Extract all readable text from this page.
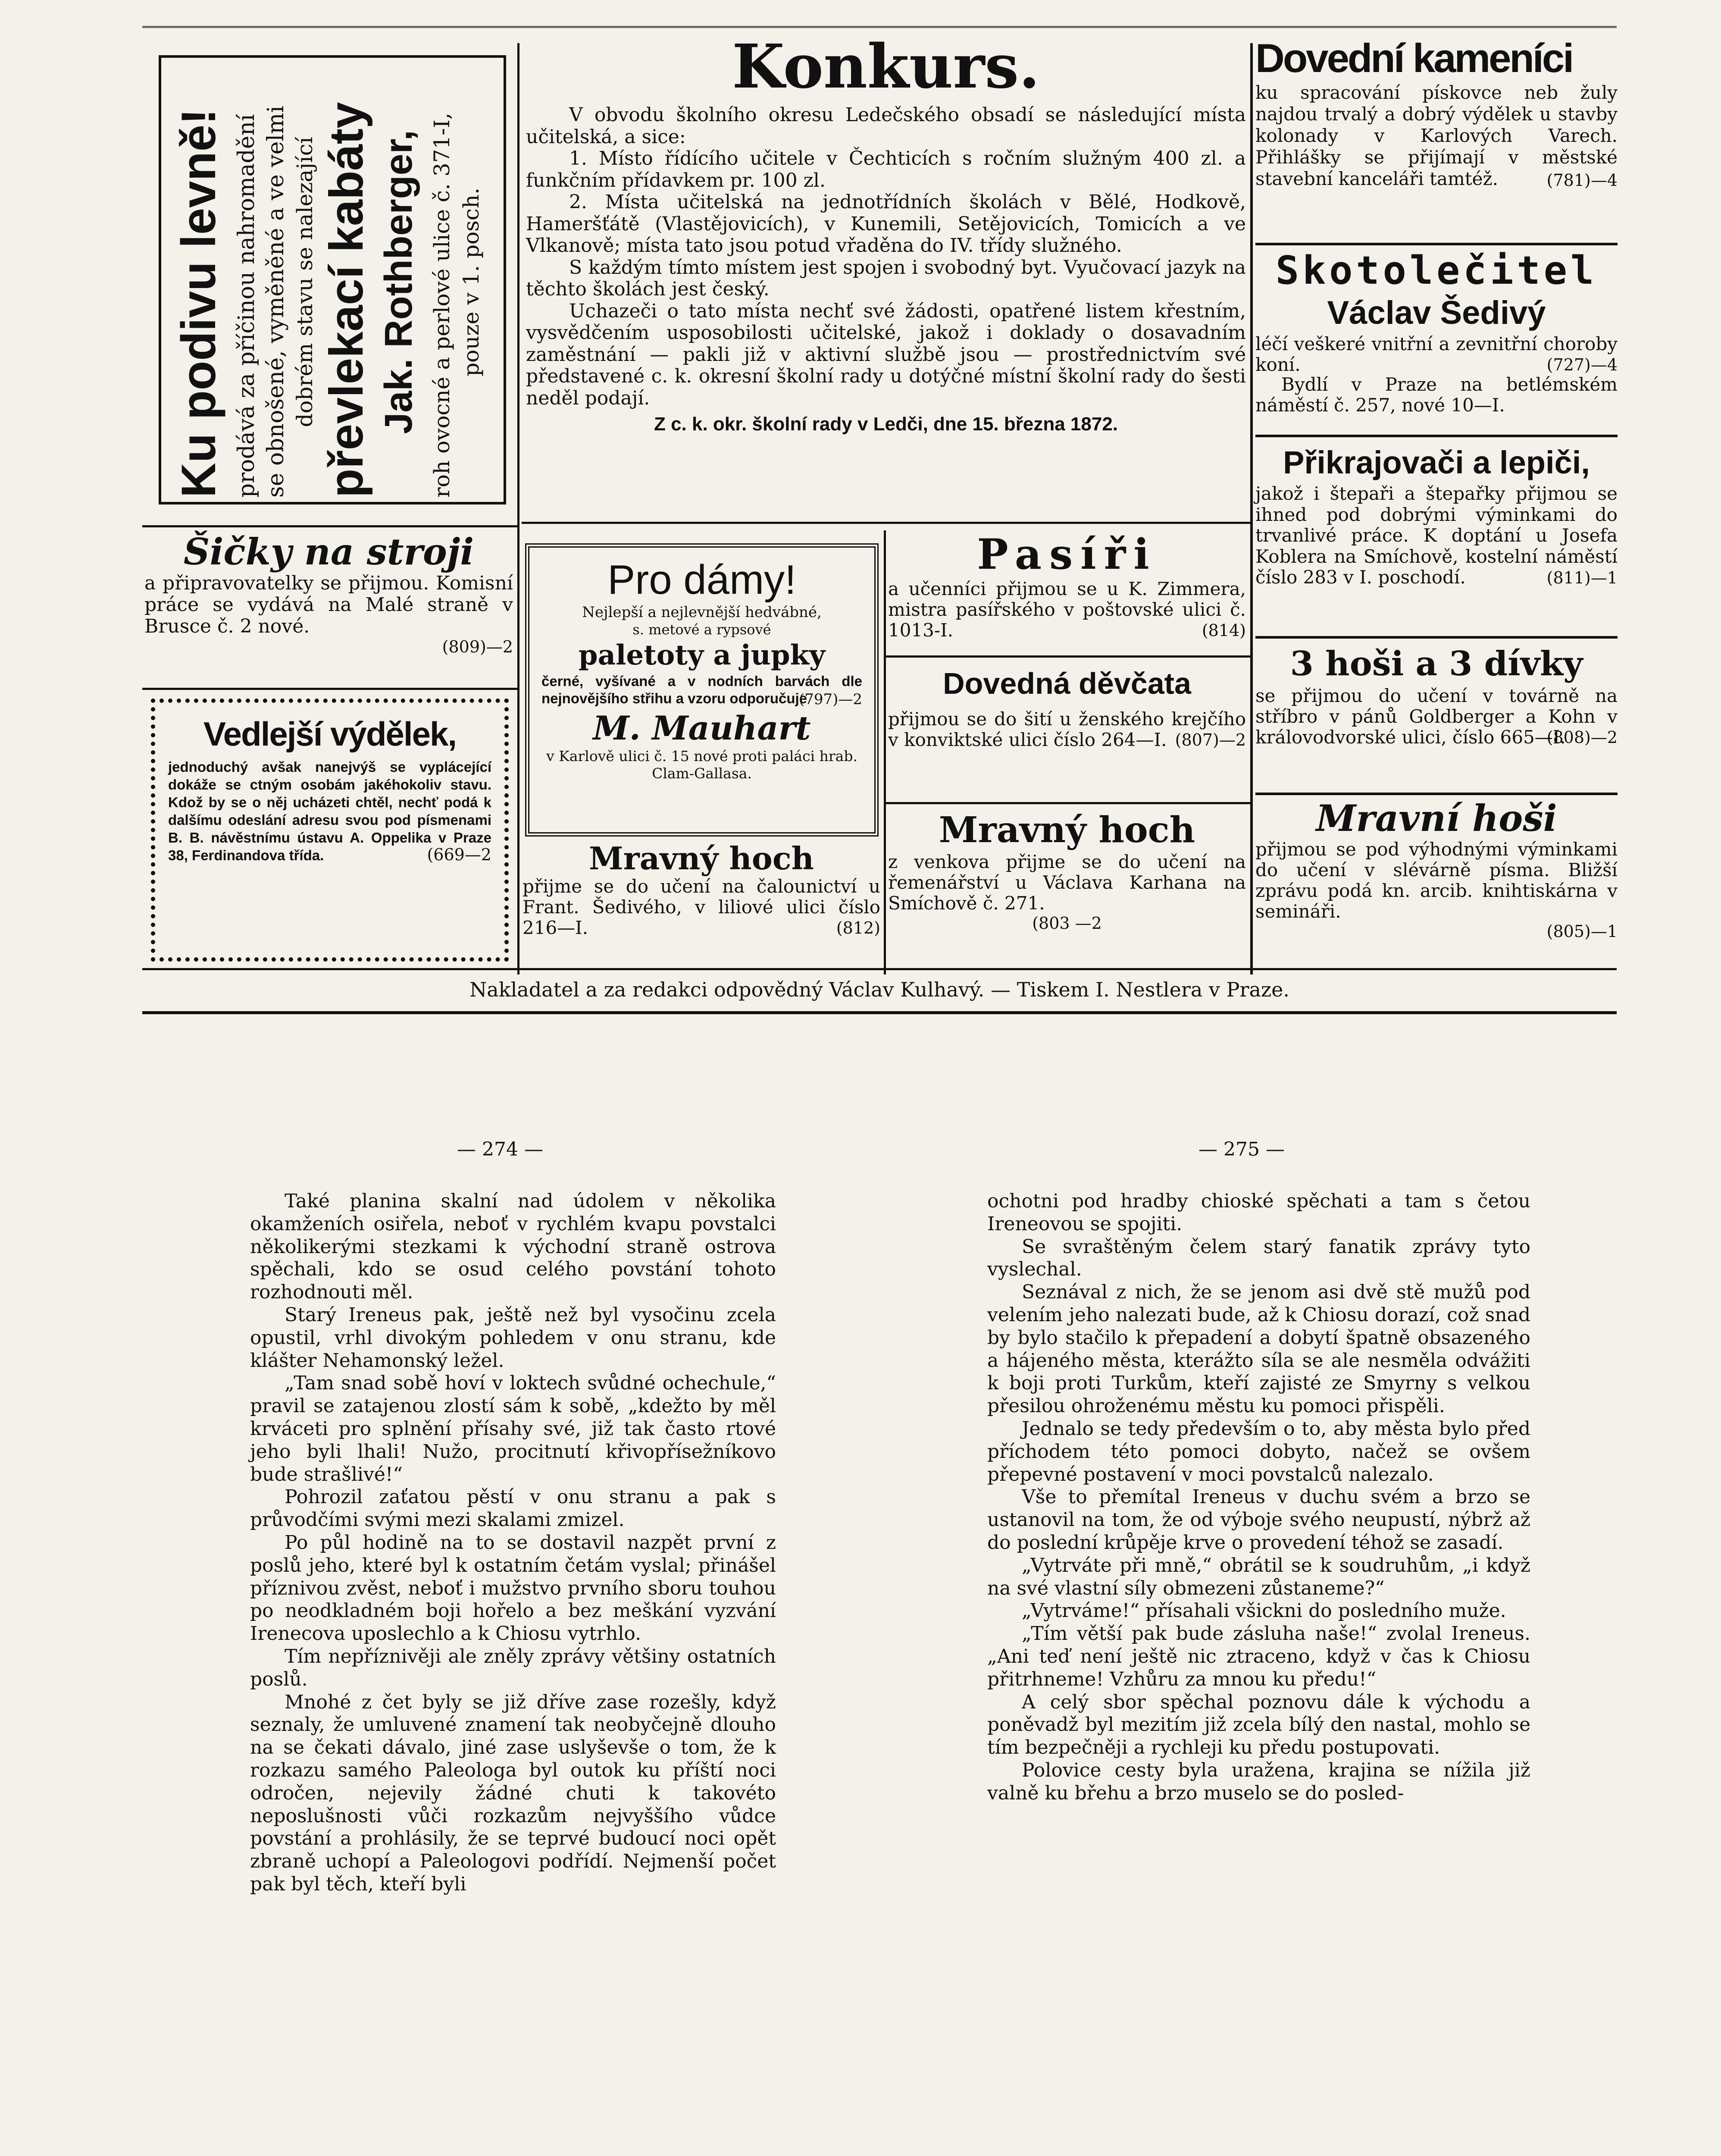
Ku podivu levně! prodává za příčinou nahromadění se obnošené, vyměněné a ve velmi dobrém stavu se nalezající převlekací kabáty Jak. Rothberger, roh ovocné a perlové ulice č. 371-I, pouze v 1. posch.
Konkurs.

V obvodu školního okresu Ledečského obsadí se následující místa učitelská, a sice:

1. Místo řídícího učitele v Čechticích s ročním služným 400 zl. a funkčním přídavkem pr. 100 zl.

2. Místa učitelská na jednotřídních školách v Bělé, Hodkově, Hameršťátě (Vlastějovicích), v Kunemili, Setějovicích, Tomicích a ve Vlkanově; místa tato jsou potud vřaděna do IV. třídy služného.

S každým tímto místem jest spojen i svobodný byt. Vyučovací jazyk na těchto školách jest český.

Uchazeči o tato místa nechť své žádosti, opatřené listem křestním, vysvědčením usposobilosti učitelské, jakož i doklady o dosavadním zaměstnání — pakli již v aktivní službě jsou — prostřednictvím své představené c. k. okresní školní rady u dotýčné místní školní rady do šesti neděl podají.

Z c. k. okr. školní rady v Ledči, dne 15. března 1872.

Dovední kameníci

ku spracování pískovce neb žuly najdou trvalý a dobrý výdělek u stavby kolonady v Karlových Varech. Přihlášky se přijímají v městské stavební kanceláři tamtéž.	(781)—4

Skotolečitel
Václav Šedivý

léčí veškeré vnitřní a zevnitřní choroby koní.	(727)—4

Bydlí v Praze na betlémském náměstí č. 257, nové 10—I.

Přikrajovači a lepiči,

jakož i štepaři a štepařky přijmou se ihned pod dobrými výminkami do trvanlivé práce. K doptání u Josefa Koblera na Smíchově, kostelní náměstí číslo 283 v I. poschodí.	(811)—1

3 hoši a 3 dívky

se přijmou do učení v továrně na stříbro v pánů Goldberger a Kohn v královodvorské ulici, číslo 665—I.

(808)—2

Mravní hoši

přijmou se pod výhodnými výminkami do učení v slévárně písma. Bližší zprávu podá kn. arcib. knihtiskárna v semináři.

(805)—1

Šičky na stroji

a připravovatelky se přijmou. Komisní práce se vydává na Malé straně v Brusce č. 2 nové.

(809)—2

Vedlejší výdělek,

jednoduchý avšak nanejvýš se vyplácející dokáže se ctným osobám jakéhokoliv stavu. Kdož by se o něj ucházeti chtěl, nechť podá k dalšímu odeslání adresu svou pod písmenami B. B. návěstnímu ústavu A. Oppelika v Praze 38, Ferdinandova třída.	(669—2

Pro dámy!
Nejlepší a nejlevnější hedvábné,
s. metové a rypsové
paletoty a jupky

černé, vyšívané a v nodních barvách dle nejnovějšího střihu a vzoru odporučuje

(797)—2

M. Mauhart

v Karlově ulici č. 15 nové proti paláci hrab. Clam-Gallasa.

Mravný hoch

přijme se do učení na čalounictví u Frant. Šedivého, v liliové ulici číslo 216—I.	(812)

Pasíři

a učenníci přijmou se u K. Zimmera, mistra pasířského v poštovské ulici č. 1013-I.	(814)

Dovedná děvčata

přijmou se do šití u ženského krejčího v konviktské ulici číslo 264—I. (807)—2

Mravný hoch

z venkova přijme se do učení na řemenářství u Václava Karhana na Smíchově č. 271.

(803 —2

Nakladatel a za redakci odpovědný Václav Kulhavý. — Tiskem I. Nestlera v Praze.
— 274 —	— 275 —

Také planina skalní nad údolem v několika okamženích osiřela, neboť v rychlém kvapu povstalci několikerými stezkami k východní straně ostrova spěchali, kdo se osud celého povstání tohoto rozhodnouti měl.

Starý Ireneus pak, ještě než byl vysočinu zcela opustil, vrhl divokým pohledem v onu stranu, kde klášter Nehamonský ležel.

„Tam snad sobě hoví v loktech svůdné ochechule,“ pravil se zatajenou zlostí sám k sobě, „kdežto by měl krváceti pro splnění přísahy své, již tak často rtové jeho byli lhali! Nužo, procitnutí křivopřísežníkovo bude strašlivé!“

Pohrozil zaťatou pěstí v onu stranu a pak s průvodčími svými mezi skalami zmizel.

Po půl hodině na to se dostavil nazpět první z poslů jeho, které byl k ostatním četám vyslal; přinášel příznivou zvěst, neboť i mužstvo prvního sboru touhou po neodkladném boji hořelo a bez meškání vyzvání Irenecova uposlechlo a k Chiosu vytrhlo.

Tím nepříznivěji ale zněly zprávy většiny ostatních poslů.

Mnohé z čet byly se již dříve zase rozešly, když seznaly, že umluvené znamení tak neobyčejně dlouho na se čekati dávalo, jiné zase uslyševše o tom, že k rozkazu samého Paleologa byl outok ku příští noci odročen, nejevily žádné chuti k takovéto neposlušnosti vůči rozkazům nejvyššího vůdce povstání a prohlásily, že se teprvé budoucí noci opět zbraně uchopí a Paleologovi podřídí. Nejmenší počet pak byl těch, kteří byli

ochotni pod hradby chioské spěchati a tam s četou Ireneovou se spojiti.

Se svraštěným čelem starý fanatik zprávy tyto vyslechal.

Seznával z nich, že se jenom asi dvě stě mužů pod velením jeho nalezati bude, až k Chiosu dorazí, což snad by bylo stačilo k přepadení a dobytí špatně obsazeného a hájeného města, kterážto síla se ale nesměla odvážiti k boji proti Turkům, kteří zajisté ze Smyrny s velkou přesilou ohroženému městu ku pomoci přispěli.

Jednalo se tedy především o to, aby města bylo před příchodem této pomoci dobyto, načež se ovšem přepevné postavení v moci povstalců nalezalo.

Vše to přemítal Ireneus v duchu svém a brzo se ustanovil na tom, že od výboje svého neupustí, nýbrž až do poslední krůpěje krve o provedení téhož se zasadí.

„Vytrváte při mně,“ obrátil se k soudruhům, „i když na své vlastní síly obmezeni zůstaneme?“

„Vytrváme!“ přísahali všickni do posledního muže.

„Tím větší pak bude zásluha naše!“ zvolal Ireneus. „Ani teď není ještě nic ztraceno, když v čas k Chiosu přitrhneme! Vzhůru za mnou ku předu!“

A celý sbor spěchal poznovu dále k východu a poněvadž byl mezitím již zcela bílý den nastal, mohlo se tím bezpečněji a rychleji ku předu postupovati.

Polovice cesty byla uražena, krajina se nížila již valně ku břehu a brzo muselo se do posled-
